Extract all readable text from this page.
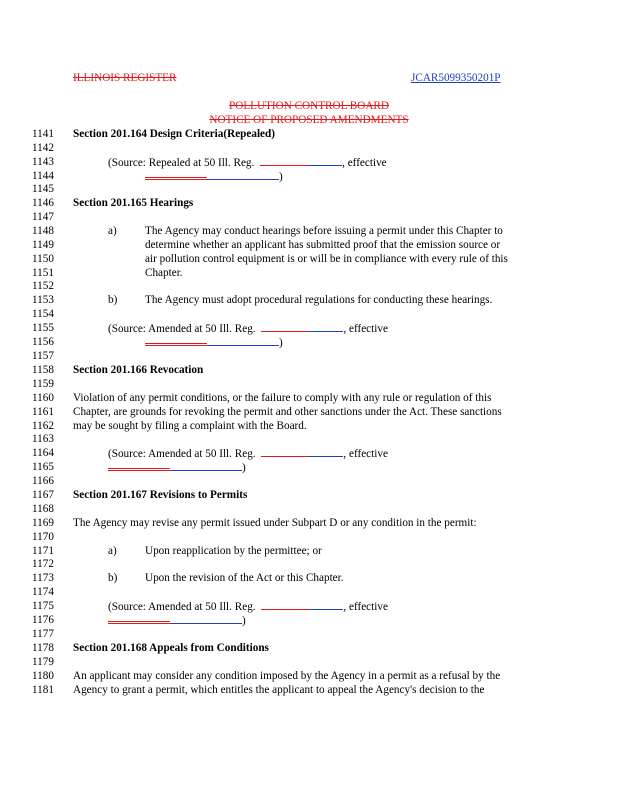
ILLINOIS REGISTER	JCAR5099350201P
POLLUTION CONTROL BOARD
NOTICE OF PROPOSED AMENDMENTS
1141
1142
1143
1144
1145
1146
1147
1148
1149
1150
1151
1152
1153
1154
1155
1156
1157
1158
1159
1160
1161
1162
1163
1164
1165
1166
1167
1168
1169
1170
1171
1172
1173
1174
1175
1176
1177
1178
1179
1180
1181
Section 201.164 Design Criteria(Repealed)
(Source: Repealed at 50 Ill. Reg.	, effective
)
Section 201.165 Hearings
a)	The Agency may conduct hearings before issuing a permit under this Chapter to
determine whether an applicant has submitted proof that the emission source or
air pollution control equipment is or will be in compliance with every rule of this
Chapter.
b) The Agency must adopt procedural regulations for conducting these hearings.
(Source: Amended at 50 Ill. Reg.	, effective
)
Section 201.166 Revocation
Violation of any permit conditions, or the failure to comply with any rule or regulation of this
Chapter, are grounds for revoking the permit and other sanctions under the Act. These sanctions
may be sought by filing a complaint with the Board.
(Source: Amended at 50 Ill. Reg.	, effective
)
Section 201.167 Revisions to Permits
The Agency may revise any permit issued under Subpart D or any condition in the permit:
a)	Upon reapplication by the permittee; or
b) Upon the revision of the Act or this Chapter.
(Source: Amended at 50 Ill. Reg.	, effective
)
Section 201.168 Appeals from Conditions
An applicant may consider any condition imposed by the Agency in a permit as a refusal by the
Agency to grant a permit, which entitles the applicant to appeal the Agency's decision to the
